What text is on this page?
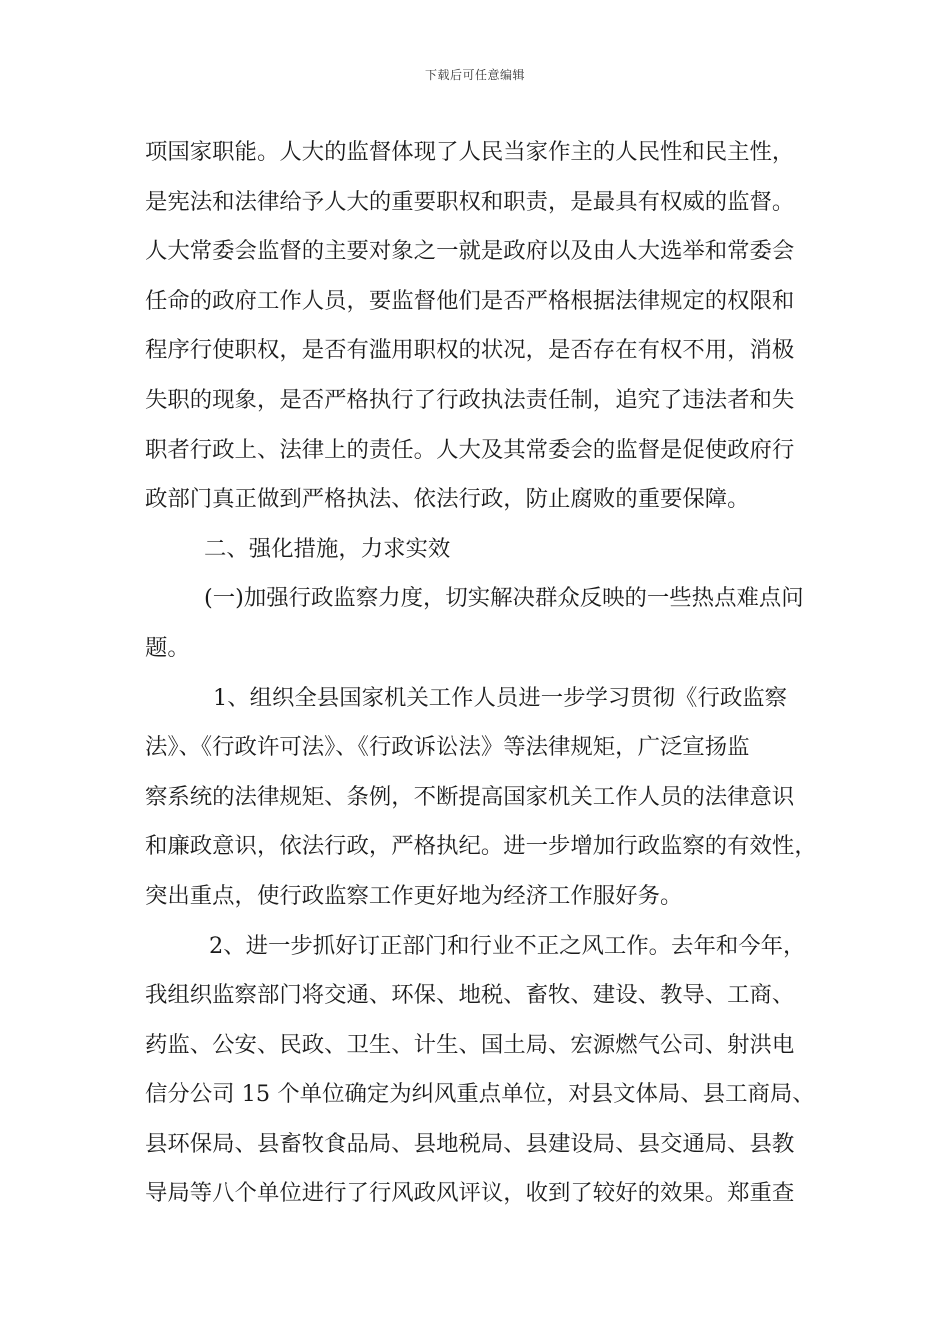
下载后可任意编辑
项国家职能。人大的监督体现了人民当家作主的人民性和民主性，
是宪法和法律给予人大的重要职权和职责，是最具有权威的监督。
人大常委会监督的主要对象之一就是政府以及由人大选举和常委会
任命的政府工作人员，要监督他们是否严格根据法律规定的权限和
程序行使职权，是否有滥用职权的状况，是否存在有权不用，消极
失职的现象，是否严格执行了行政执法责任制，追究了违法者和失
职者行政上、法律上的责任。人大及其常委会的监督是促使政府行
政部门真正做到严格执法、依法行政，防止腐败的重要保障。
二、强化措施，力求实效
(一)加强行政监察力度，切实解决群众反映的一些热点难点问
题。
1、组织全县国家机关工作人员进一步学习贯彻《行政监察
法》、《行政许可法》、《行政诉讼法》等法律规矩，广泛宣扬监
察系统的法律规矩、条例，不断提高国家机关工作人员的法律意识
和廉政意识，依法行政，严格执纪。进一步增加行政监察的有效性，
突出重点，使行政监察工作更好地为经济工作服好务。
2、进一步抓好订正部门和行业不正之风工作。去年和今年，
我组织监察部门将交通、环保、地税、畜牧、建设、教导、工商、
药监、公安、民政、卫生、计生、国土局、宏源燃气公司、射洪电
信分公司 15 个单位确定为纠风重点单位，对县文体局、县工商局、
县环保局、县畜牧食品局、县地税局、县建设局、县交通局、县教
导局等八个单位进行了行风政风评议，收到了较好的效果。郑重查
